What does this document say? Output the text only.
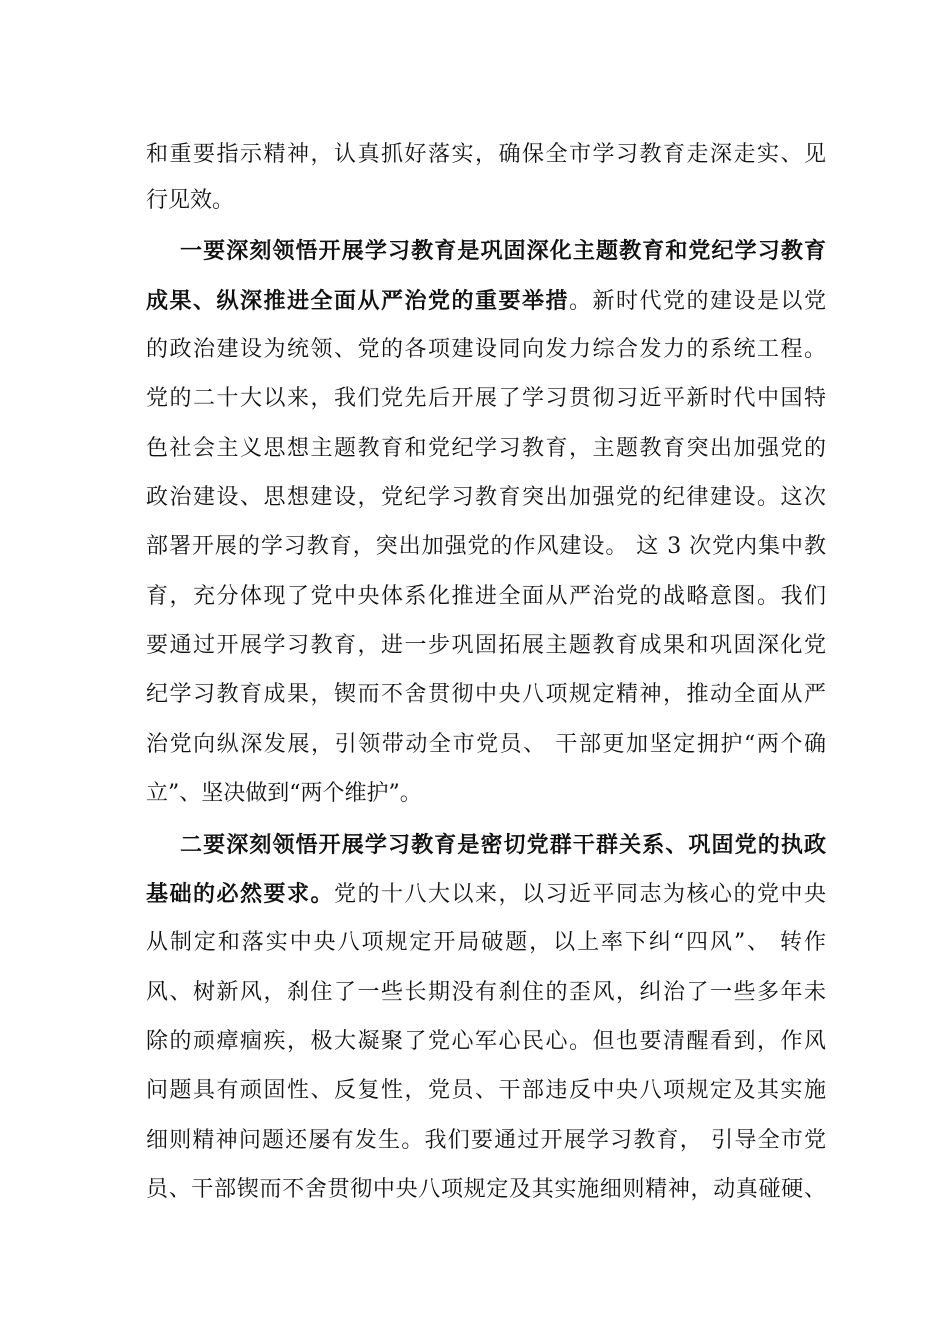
和重要指示精神，认真抓好落实，确保全市学习教育走深走实、见
行见效。
一要深刻领悟开展学习教育是巩固深化主题教育和党纪学习教育
成果、纵深推进全面从严治党的重要举措。新时代党的建设是以党
的政治建设为统领、党的各项建设同向发力综合发力的系统工程。
党的二十大以来，我们党先后开展了学习贯彻习近平新时代中国特
色社会主义思想主题教育和党纪学习教育，主题教育突出加强党的
政治建设、思想建设，党纪学习教育突出加强党的纪律建设。这次
部署开展的学习教育，突出加强党的作风建设。 这 3 次党内集中教
育，充分体现了党中央体系化推进全面从严治党的战略意图。我们
要通过开展学习教育，进一步巩固拓展主题教育成果和巩固深化党
纪学习教育成果，锲而不舍贯彻中央八项规定精神，推动全面从严
治党向纵深发展，引领带动全市党员、 干部更加坚定拥护“两个确
立”、坚决做到“两个维护”。
二要深刻领悟开展学习教育是密切党群干群关系、巩固党的执政
基础的必然要求。党的十八大以来，以习近平同志为核心的党中央
从制定和落实中央八项规定开局破题，以上率下纠“四风”、 转作
风、树新风，刹住了一些长期没有刹住的歪风，纠治了一些多年未
除的顽瘴痼疾，极大凝聚了党心军心民心。但也要清醒看到，作风
问题具有顽固性、反复性，党员、干部违反中央八项规定及其实施
细则精神问题还屡有发生。我们要通过开展学习教育， 引导全市党
员、干部锲而不舍贯彻中央八项规定及其实施细则精神，动真碰硬、
